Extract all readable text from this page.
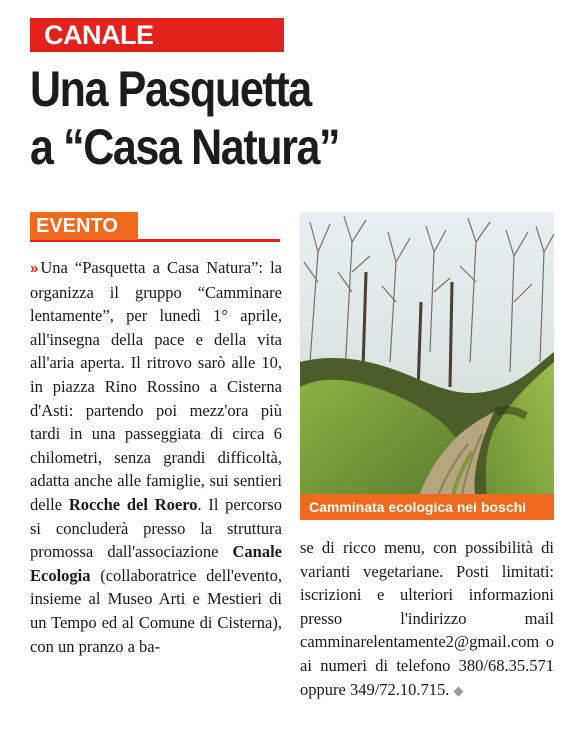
CANALE
Una Pasquetta
a “Casa Natura”
EVENTO

» Una “Pasquetta a Casa Natura”: la organizza il gruppo “Camminare lentamente”, per lunedì 1° aprile, all'insegna della pace e della vita all'aria aperta. Il ritrovo sarò alle 10, in piazza Rino Rossino a Cisterna d'Asti: partendo poi mezz'ora più tardi in una passeggiata di circa 6 chilometri, senza grandi difficoltà, adatta anche alle famiglie, sui sentieri delle Rocche del Roero. Il percorso si concluderà presso la struttura promossa dall'associazione Canale Ecologia (collaboratrice dell'evento, insieme al Museo Arti e Mestieri di un Tempo ed al Comune di Cisterna), con un pranzo a ba-

Camminata ecologica nei boschi

se di ricco menu, con possibilità di varianti vegetariane. Posti limitati: iscrizioni e ulteriori informazioni presso l'indirizzo mail camminarelentamente2@gmail.com o ai numeri di telefono 380/68.35.571 oppure 349/72.10.715. ◆
